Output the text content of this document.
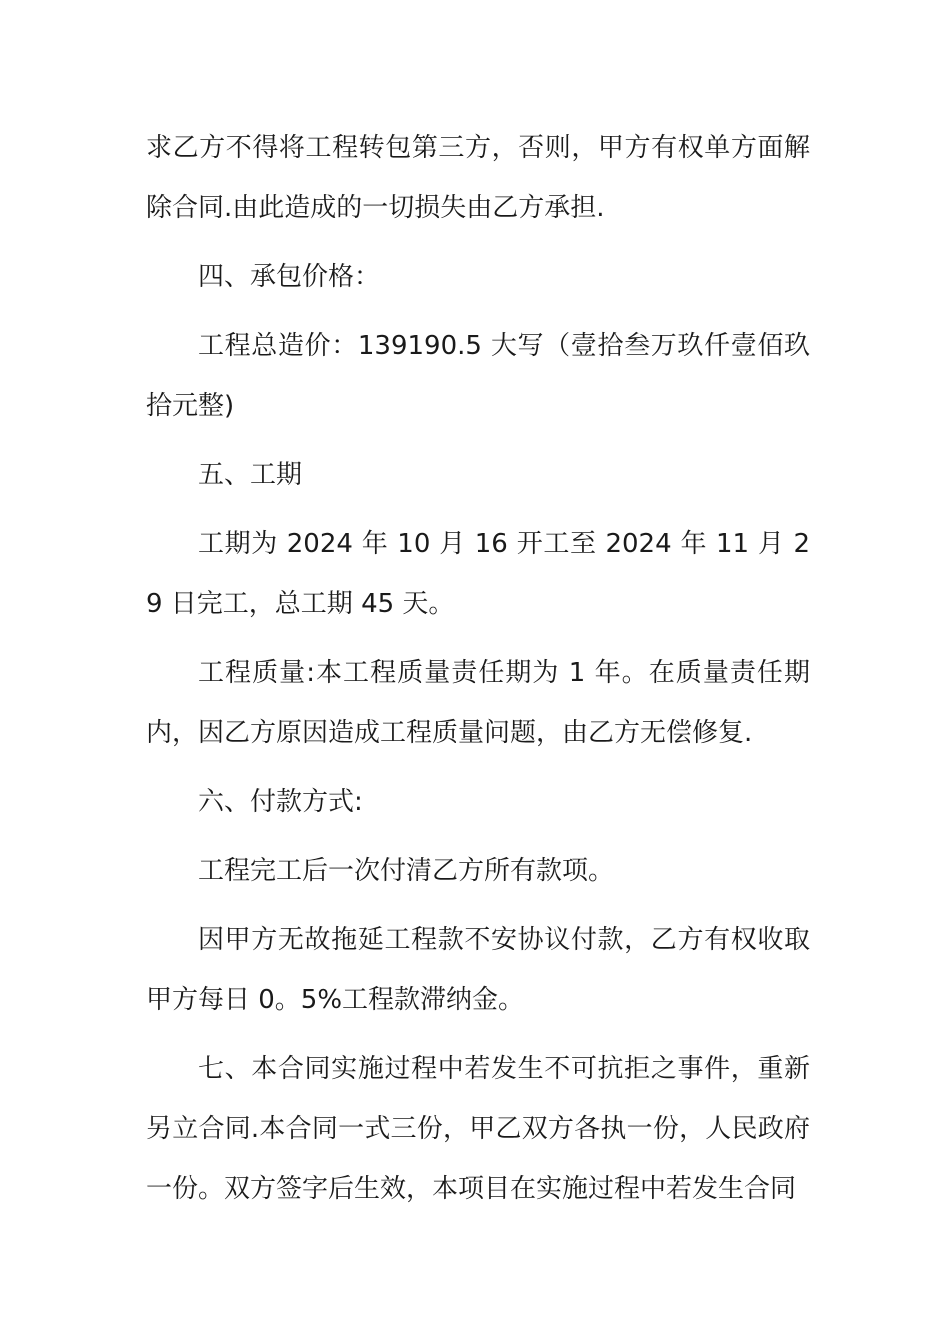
求乙方不得将工程转包第三方，否则，甲方有权单方面解除合同.由此造成的一切损失由乙方承担.

四、承包价格：

工程总造价：139190.5 大写（壹拾叁万玖仟壹佰玖拾元整)

五、工期

工期为 2024 年 10 月 16 开工至 2024 年 11 月 29 日完工，总工期 45 天。

工程质量:本工程质量责任期为 1 年。在质量责任期内，因乙方原因造成工程质量问题，由乙方无偿修复.

六、付款方式:

工程完工后一次付清乙方所有款项。

因甲方无故拖延工程款不安协议付款，乙方有权收取甲方每日 0。5%工程款滞纳金。

七、本合同实施过程中若发生不可抗拒之事件，重新另立合同.本合同一式三份，甲乙双方各执一份，人民政府一份。双方签字后生效，本项目在实施过程中若发生合同
